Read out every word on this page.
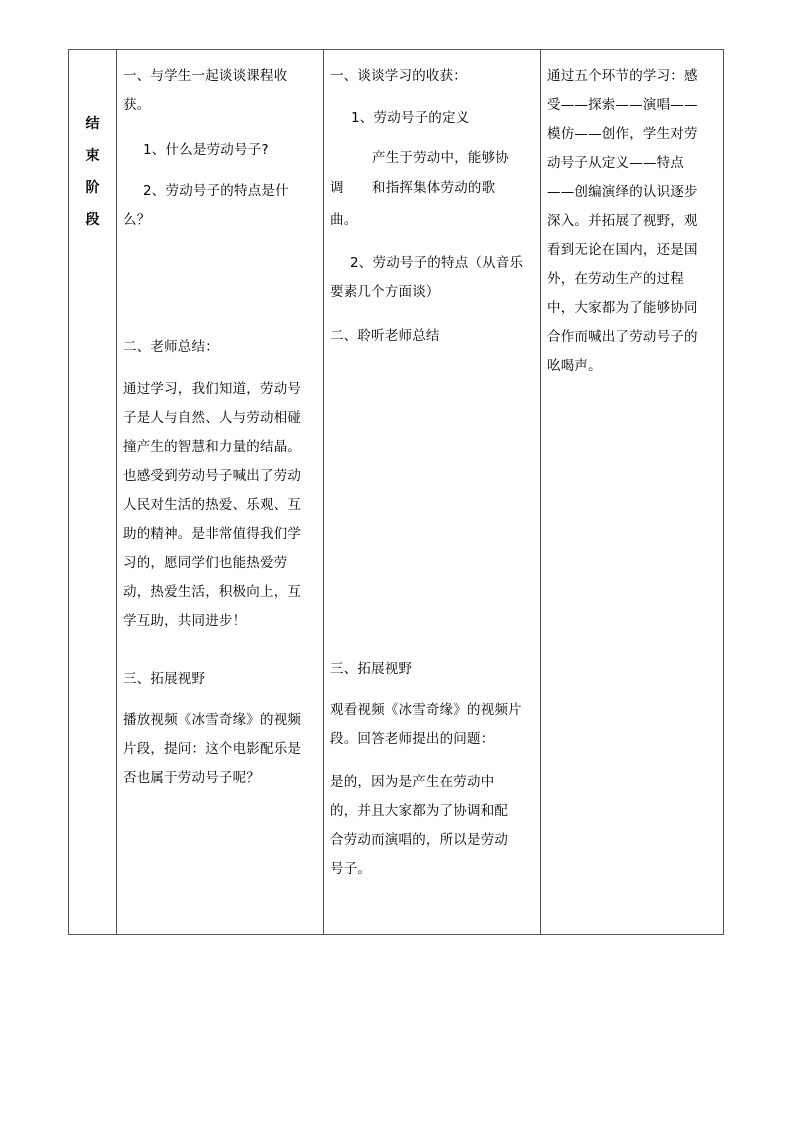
结
束
阶
段

一、与学生一起谈谈课程收获。
1、什么是劳动号子?
2、劳动号子的特点是什么？
二、老师总结：
通过学习，我们知道，劳动号子是人与自然、人与劳动相碰撞产生的智慧和力量的结晶。也感受到劳动号子喊出了劳动人民对生活的热爱、乐观、互助的精神。是非常值得我们学习的，愿同学们也能热爱劳动，热爱生活，积极向上，互学互助，共同进步！
三、拓展视野
播放视频《冰雪奇缘》的视频片段，提问：这个电影配乐是否也属于劳动号子呢？

一、谈谈学习的收获：
1、劳动号子的定义
产生于劳动中，能够协
调	和指挥集体劳动的歌
曲。
2、劳动号子的特点（从音乐要素几个方面谈）
二、聆听老师总结
三、拓展视野
观看视频《冰雪奇缘》的视频片段。回答老师提出的问题：
是的，因为是产生在劳动中的，并且大家都为了协调和配合劳动而演唱的，所以是劳动号子。

通过五个环节的学习：感受——探索——演唱——模仿——创作，学生对劳动号子从定义——特点——创编演绎的认识逐步深入。并拓展了视野，观看到无论在国内，还是国外，在劳动生产的过程中，大家都为了能够协同合作而喊出了劳动号子的吆喝声。
